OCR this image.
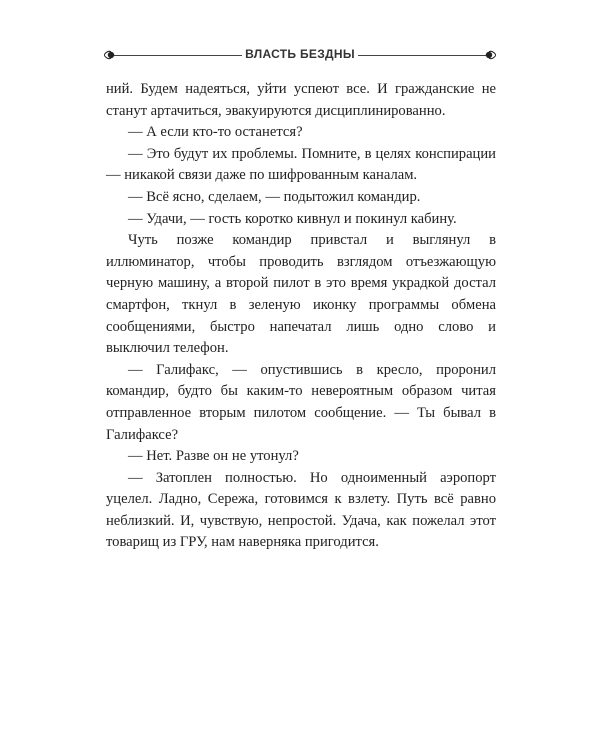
ВЛАСТЬ БЕЗДНЫ

ний. Будем надеяться, уйти успеют все. И гражданские не станут артачиться, эвакуируются дисциплинированно.

— А если кто-то останется?

— Это будут их проблемы. Помните, в целях конспирации — никакой связи даже по шифрованным каналам.

— Всё ясно, сделаем, — подытожил командир.

— Удачи, — гость коротко кивнул и покинул кабину.

Чуть позже командир привстал и выглянул в иллюминатор, чтобы проводить взглядом отъезжающую черную машину, а второй пилот в это время украдкой достал смартфон, ткнул в зеленую иконку программы обмена сообщениями, быстро напечатал лишь одно слово и выключил телефон.

— Галифакс, — опустившись в кресло, проронил командир, будто бы каким-то невероятным образом читая отправленное вторым пилотом сообщение. — Ты бывал в Галифаксе?

— Нет. Разве он не утонул?

— Затоплен полностью. Но одноименный аэропорт уцелел. Ладно, Сережа, готовимся к взлету. Путь всё равно неблизкий. И, чувствую, непростой. Удача, как пожелал этот товарищ из ГРУ, нам наверняка пригодится.
